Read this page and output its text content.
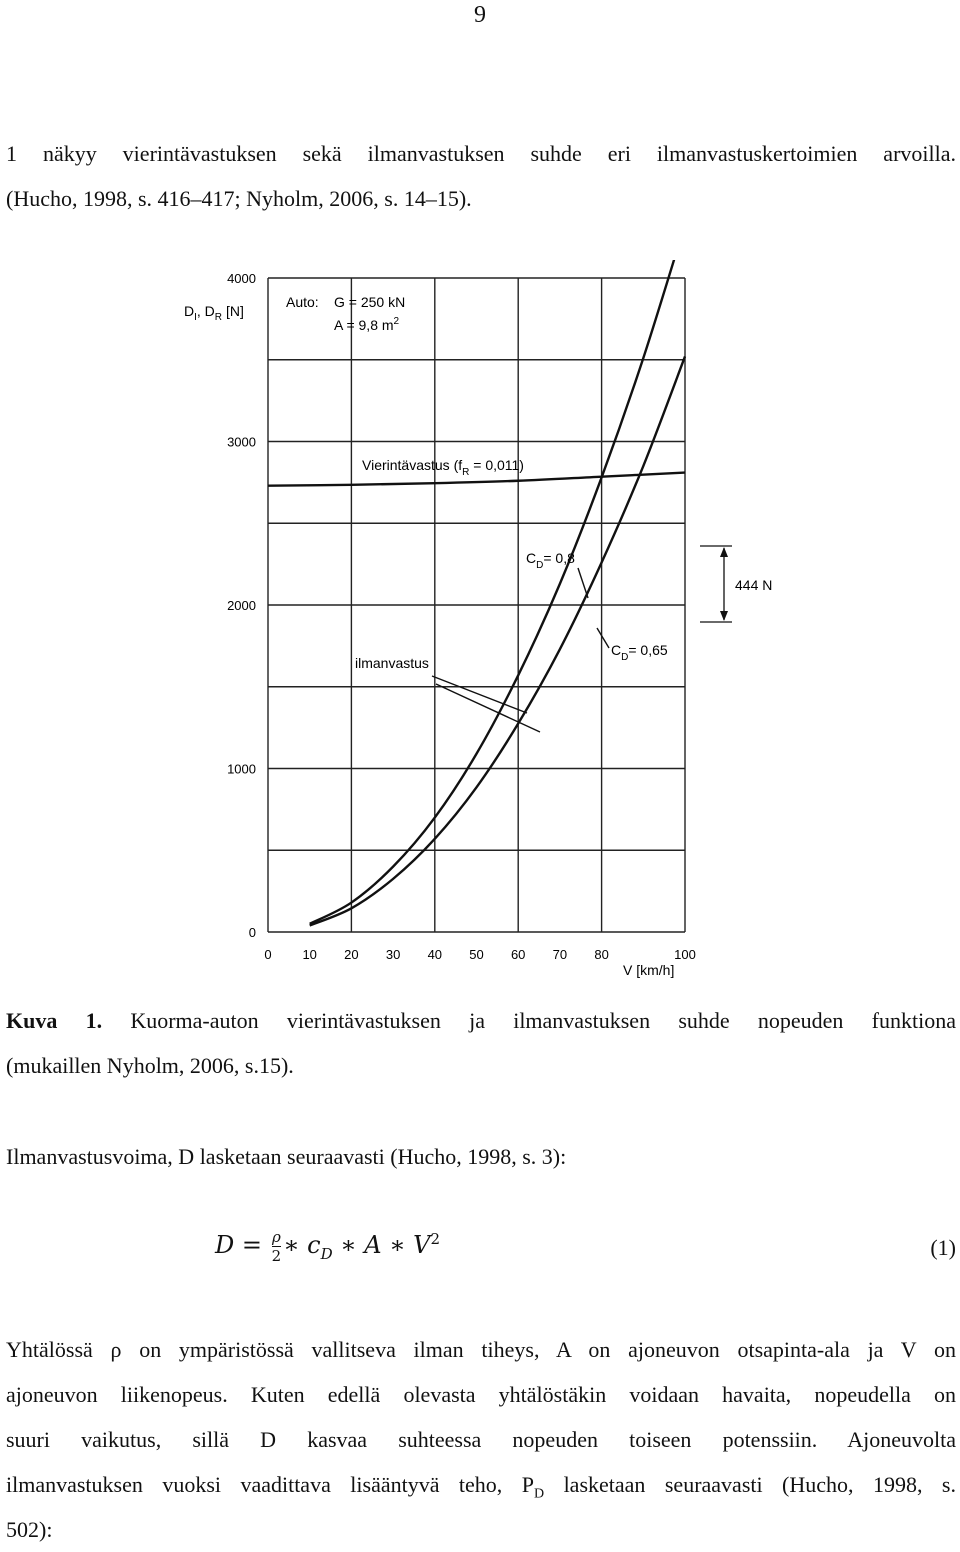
9
1 näkyy vierintävastuksen sekä ilmanvastuksen suhde eri ilmanvastuskertoimien arvoilla.
(Hucho, 1998, s. 416–417; Nyholm, 2006, s. 14–15).
0
1000
2000
3000
4000
0 10 20 30 40 50 60 70 80	100
$D_I$, $D_R$ [N]
Auto: G = 250 kN
A = 9,8 $m^2$
Vierintävastus $(f_R = 0,011)$
$C_D= 0,8$
$C_D= 0,65$
444 N
ilmanvastus
V [km/h]
Kuva 1. Kuorma-auton vierintävastuksen ja ilmanvastuksen suhde nopeuden funktiona
(mukaillen Nyholm, 2006, s.15).
Ilmanvastusvoima, D lasketaan seuraavasti (Hucho, 1998, s. 3):
$D = \frac{\rho}{2}$ ∗ $c_D$ ∗ A ∗ $V^2$	(1)
Yhtälössä ρ on ympäristössä vallitseva ilman tiheys, A on ajoneuvon otsapinta-ala ja V on
ajoneuvon liikenopeus. Kuten edellä olevasta yhtälöstäkin voidaan havaita, nopeudella on
suuri vaikutus, sillä D kasvaa suhteessa nopeuden toiseen potenssiin. Ajoneuvolta
ilmanvastuksen vuoksi vaadittava lisääntyvä teho, $P_D$ lasketaan seuraavasti (Hucho, 1998, s.
502):
